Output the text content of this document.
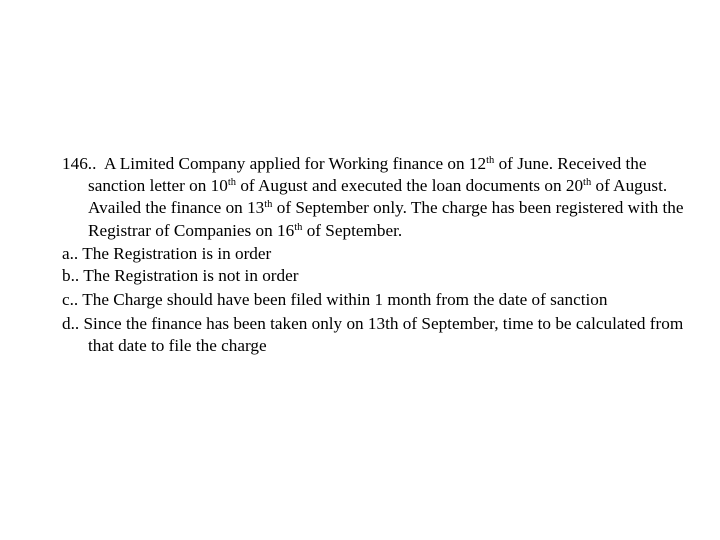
146.. A Limited Company applied for Working finance on 12th of June. Received the sanction letter on 10th of August and executed the loan documents on 20th of August. Availed the finance on 13th of September only. The charge has been registered with the Registrar of Companies on 16th of September.

a.. The Registration is in order

b.. The Registration is not in order

c.. The Charge should have been filed within 1 month from the date of sanction

d.. Since the finance has been taken only on 13th of September, time to be calculated from that date to file the charge
